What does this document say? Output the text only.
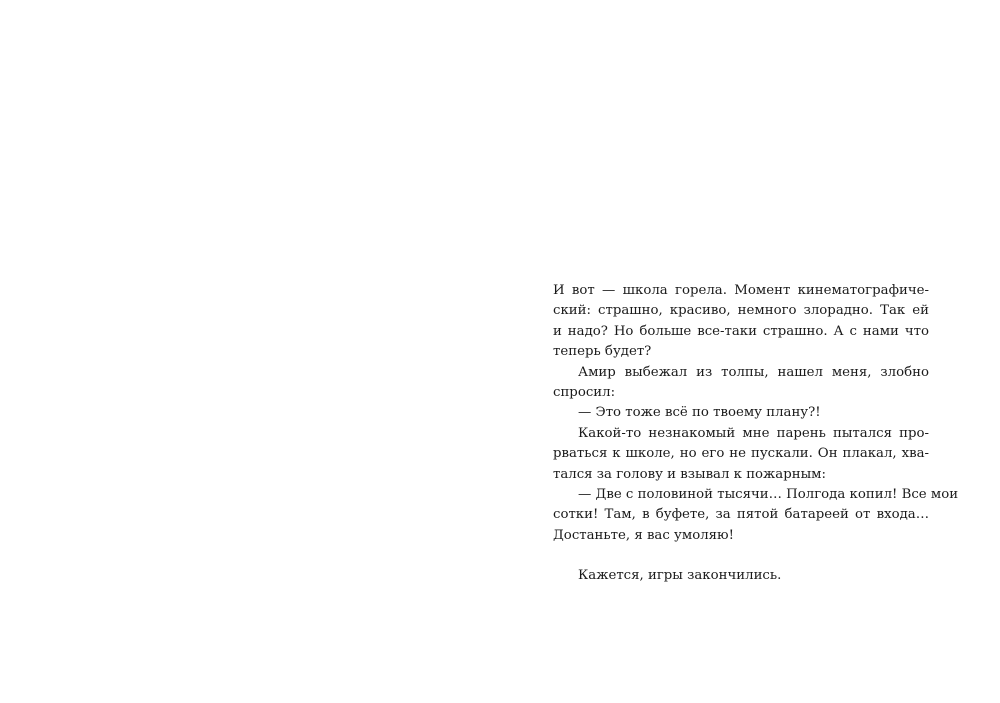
И вот — школа горела. Момент кинематографиче-
ский: страшно, красиво, немного злорадно. Так ей
и надо? Но больше все-таки страшно. А с нами что
теперь будет?
Амир выбежал из толпы, нашел меня, злобно
спросил:
— Это тоже всё по твоему плану?!
Какой-то незнакомый мне парень пытался про-
рваться к школе, но его не пускали. Он плакал, хва-
тался за голову и взывал к пожарным:
— Две с половиной тысячи… Полгода копил! Все мои
сотки! Там, в буфете, за пятой батареей от входа…
Достаньте, я вас умоляю!
Кажется, игры закончились.
